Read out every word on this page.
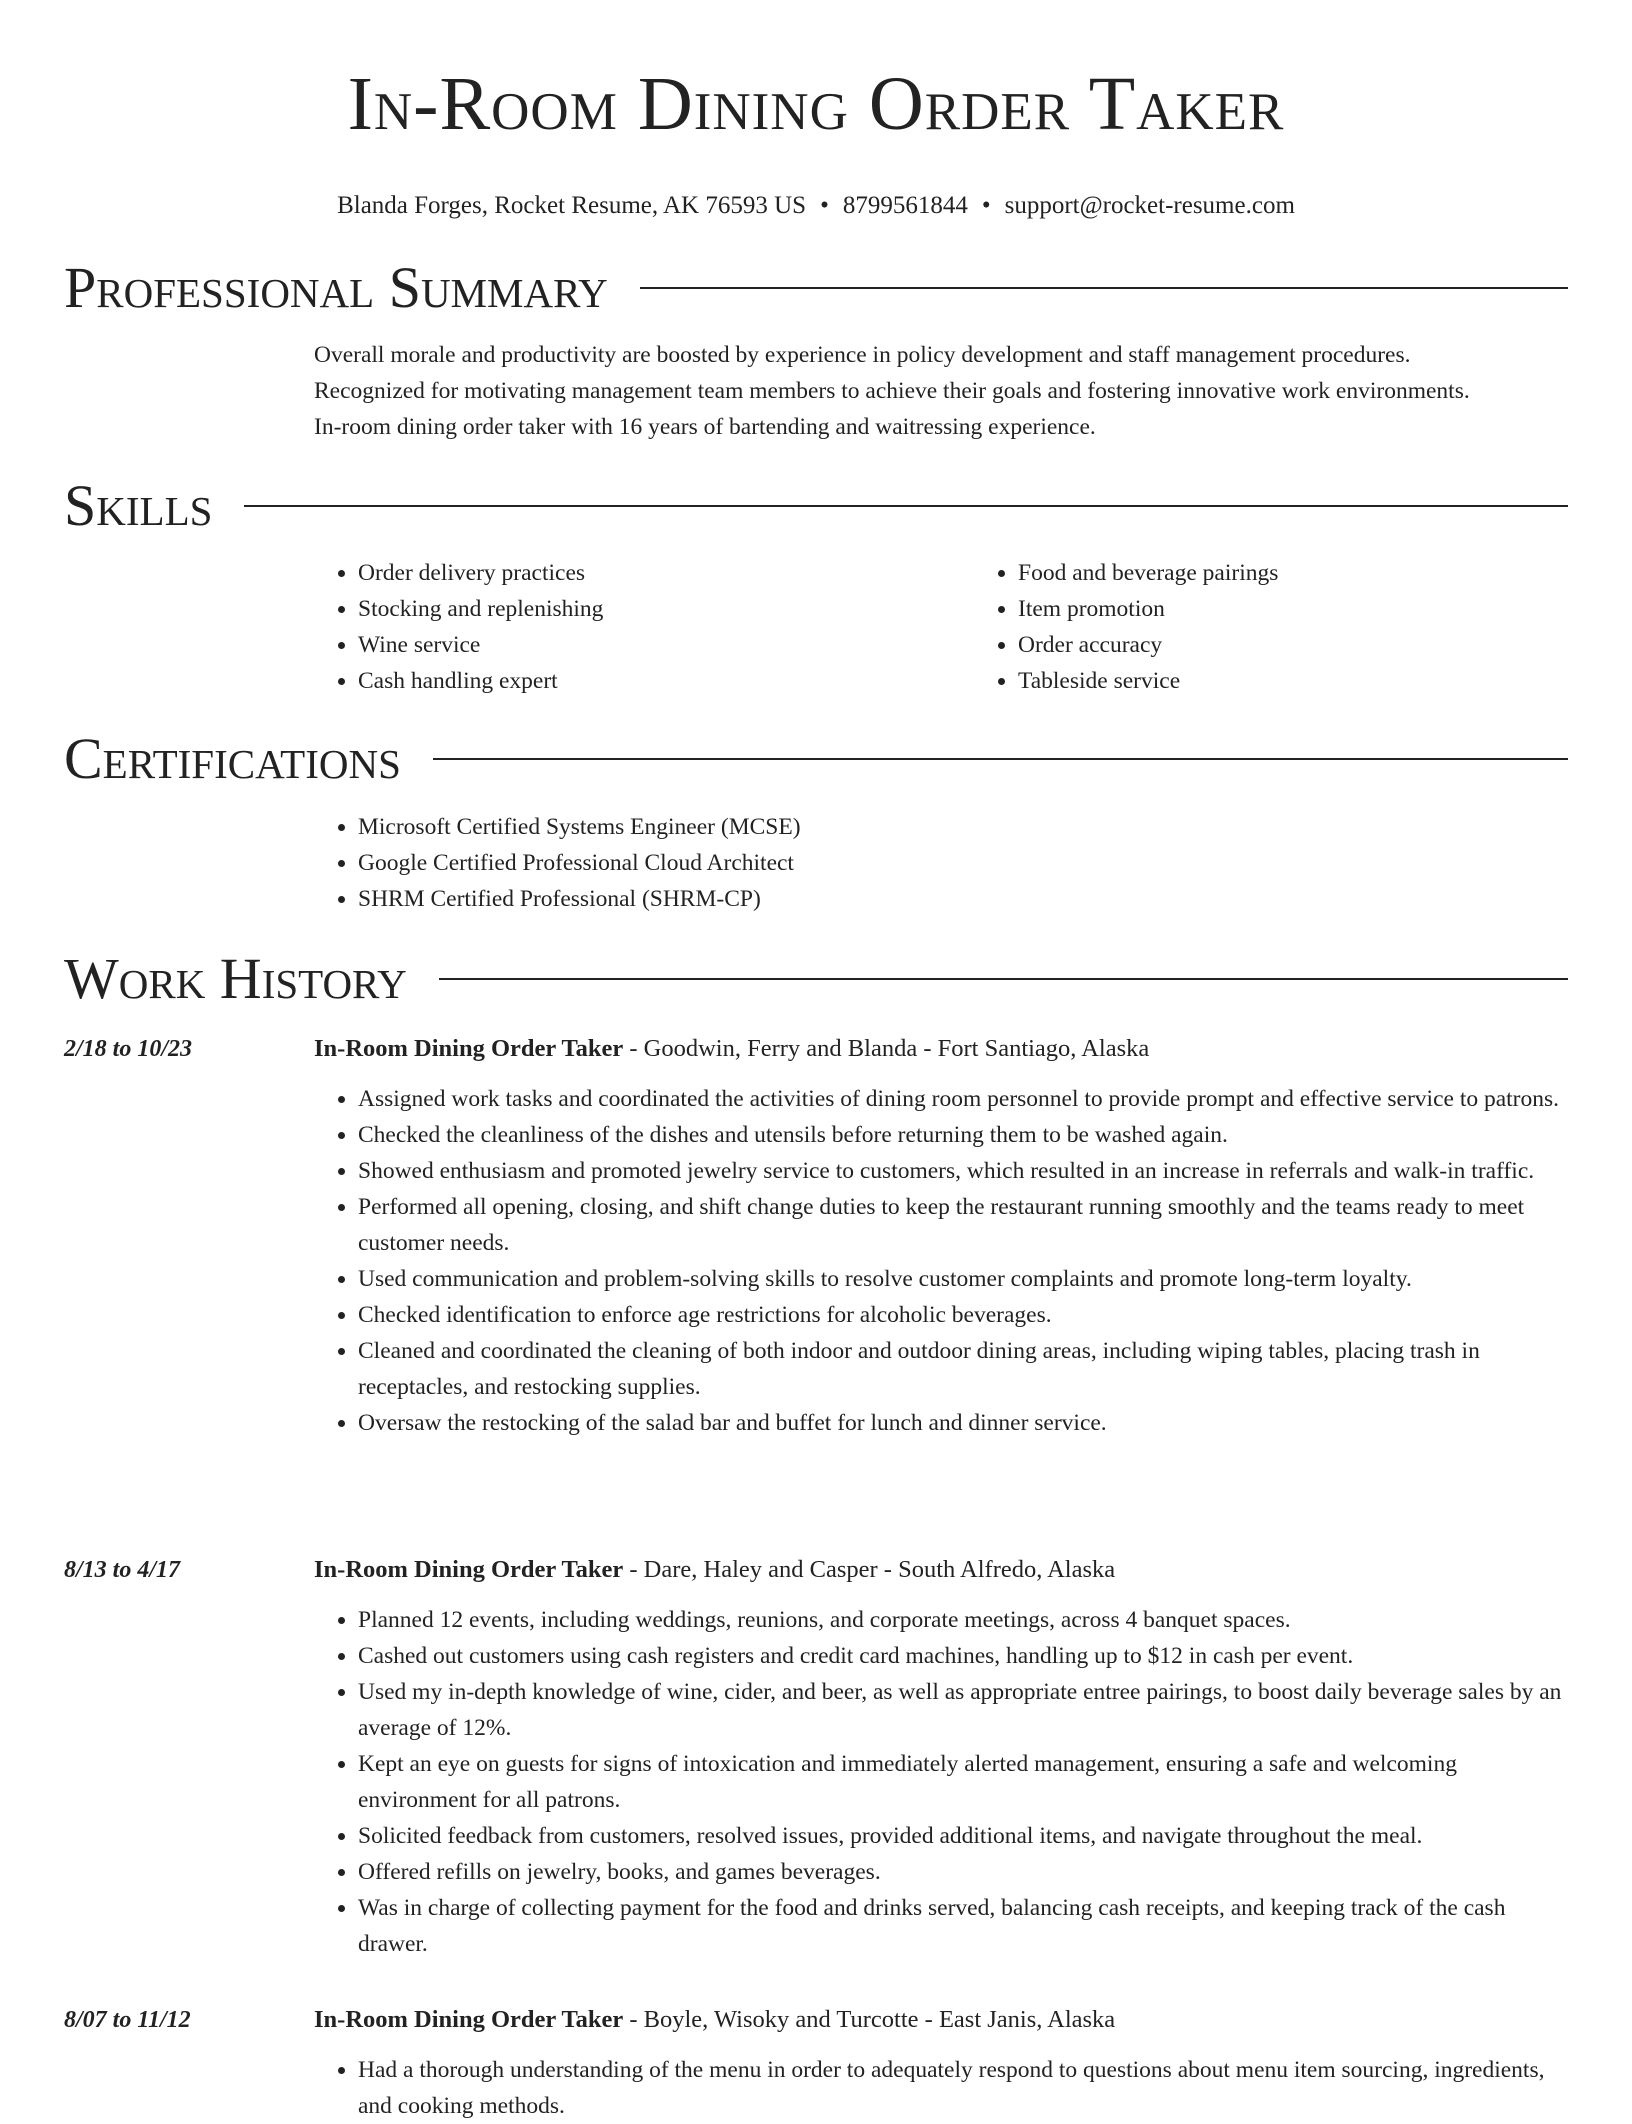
In-Room Dining Order Taker
Blanda Forges, Rocket Resume, AK 76593 US • 8799561844 • support@rocket-resume.com
Professional Summary

Overall morale and productivity are boosted by experience in policy development and staff management procedures.

Recognized for motivating management team members to achieve their goals and fostering innovative work environments.

In-room dining order taker with 16 years of bartending and waitressing experience.

Skills
• Order delivery practices
• Stocking and replenishing
• Wine service
• Cash handling expert
• Food and beverage pairings
• Item promotion
• Order accuracy
• Tableside service
Certifications
• Microsoft Certified Systems Engineer (MCSE)
• Google Certified Professional Cloud Architect
• SHRM Certified Professional (SHRM-CP)
Work History
2/18 to 10/23	In-Room Dining Order Taker - Goodwin, Ferry and Blanda - Fort Santiago, Alaska
• Assigned work tasks and coordinated the activities of dining room personnel to provide prompt and effective service to patrons.
• Checked the cleanliness of the dishes and utensils before returning them to be washed again.
• Showed enthusiasm and promoted jewelry service to customers, which resulted in an increase in referrals and walk-in traffic.
• Performed all opening, closing, and shift change duties to keep the restaurant running smoothly and the teams ready to meet customer needs.
• Used communication and problem-solving skills to resolve customer complaints and promote long-term loyalty.
• Checked identification to enforce age restrictions for alcoholic beverages.
• Cleaned and coordinated the cleaning of both indoor and outdoor dining areas, including wiping tables, placing trash in receptacles, and restocking supplies.
• Oversaw the restocking of the salad bar and buffet for lunch and dinner service.
8/13 to 4/17	In-Room Dining Order Taker - Dare, Haley and Casper - South Alfredo, Alaska
• Planned 12 events, including weddings, reunions, and corporate meetings, across 4 banquet spaces.
• Cashed out customers using cash registers and credit card machines, handling up to $12 in cash per event.
• Used my in-depth knowledge of wine, cider, and beer, as well as appropriate entree pairings, to boost daily beverage sales by an average of 12%.
• Kept an eye on guests for signs of intoxication and immediately alerted management, ensuring a safe and welcoming environment for all patrons.
• Solicited feedback from customers, resolved issues, provided additional items, and navigate throughout the meal.
• Offered refills on jewelry, books, and games beverages.
• Was in charge of collecting payment for the food and drinks served, balancing cash receipts, and keeping track of the cash drawer.
8/07 to 11/12	In-Room Dining Order Taker - Boyle, Wisoky and Turcotte - East Janis, Alaska
• Had a thorough understanding of the menu in order to adequately respond to questions about menu item sourcing, ingredients, and cooking methods.
